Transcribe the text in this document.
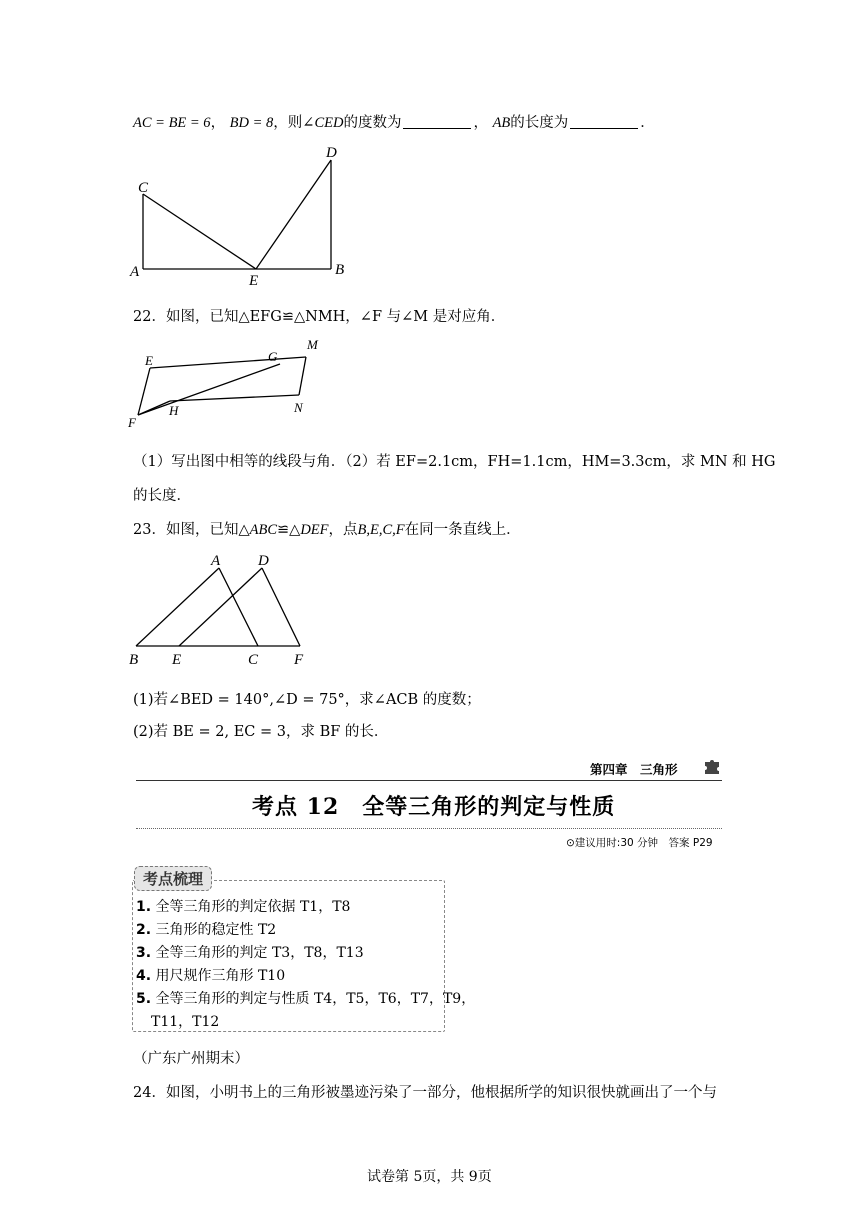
AC = BE = 6， BD = 8，则∠CED的度数为	， AB的长度为	．
C
D
A
E
B
22．如图，已知△EFG≌△NMH，∠F 与∠M 是对应角．
E	G
M
F
H	N
（1）写出图中相等的线段与角．（2）若 EF=2.1cm，FH=1.1cm，HM=3.3cm，求 MN 和 HG
的长度．
23．如图，已知△ABC≌△DEF，点B,E,C,F在同一条直线上．
A	D
B E	C F
(1)若∠BED = 140°,∠D = 75°，求∠ACB 的度数；
(2)若 BE = 2, EC = 3，求 BF 的长．
第四章　三角形
考点 12　全等三角形的判定与性质
⊙建议用时:30 分钟　答案 P29
考点梳理
1. 全等三角形的判定依据 T1，T8
2. 三角形的稳定性 T2
3. 全等三角形的判定 T3，T8，T13
4. 用尺规作三角形 T10
5. 全等三角形的判定与性质 T4，T5，T6，T7，T9，
T11，T12
（广东广州期末）
24．如图，小明书上的三角形被墨迹污染了一部分，他根据所学的知识很快就画出了一个与
试卷第 5页，共 9页
